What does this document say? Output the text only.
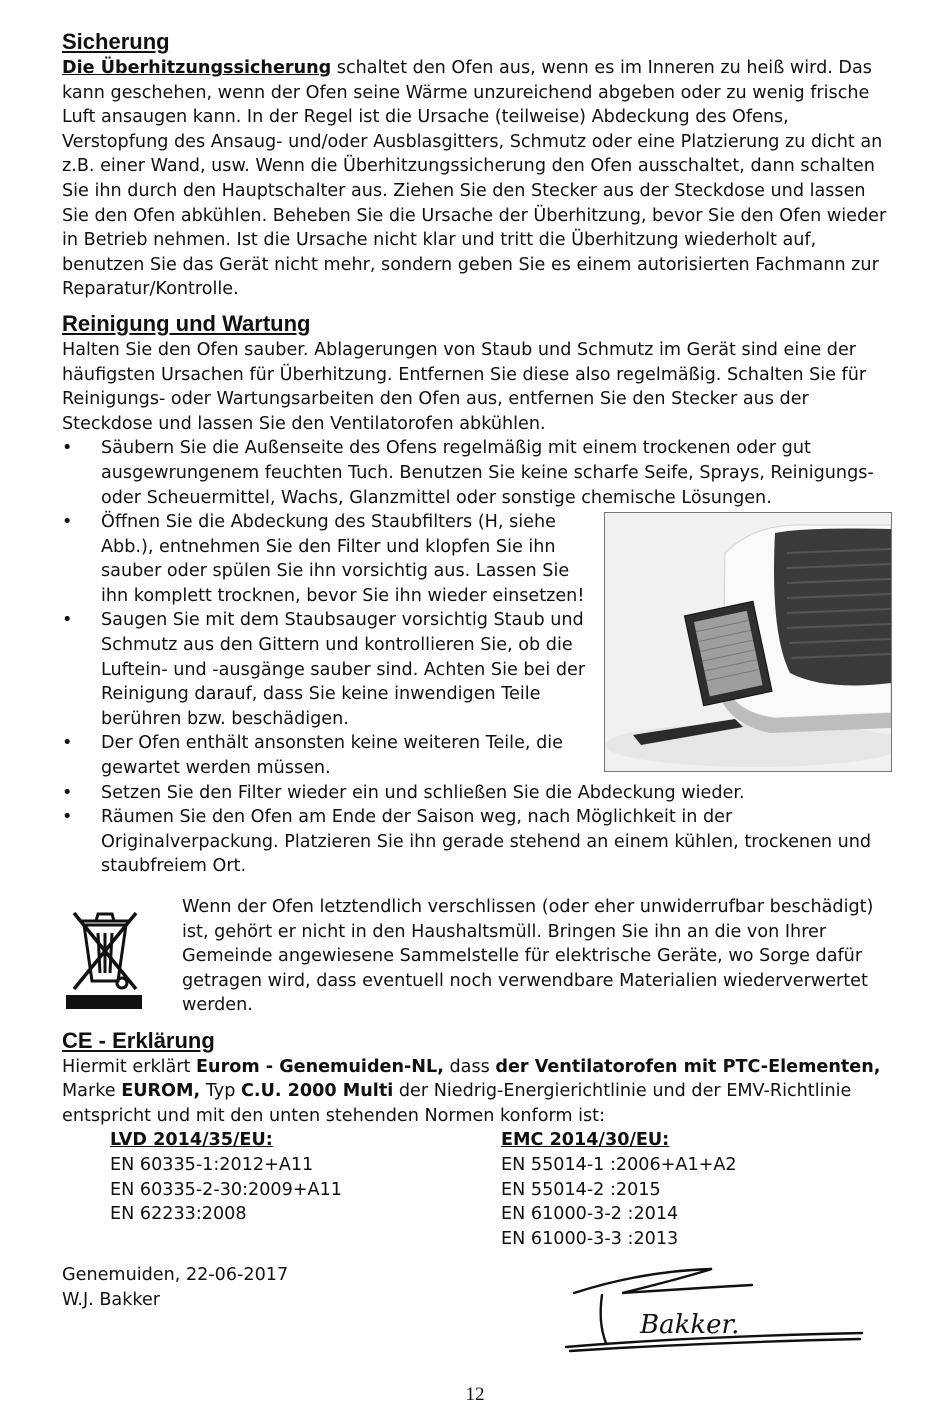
Sicherung

Die Überhitzungssicherung schaltet den Ofen aus, wenn es im Inneren zu heiß wird. Das kann geschehen, wenn der Ofen seine Wärme unzureichend abgeben oder zu wenig frische Luft ansaugen kann. In der Regel ist die Ursache (teilweise) Abdeckung des Ofens, Verstopfung des Ansaug- und/oder Ausblasgitters, Schmutz oder eine Platzierung zu dicht an z.B. einer Wand, usw. Wenn die Überhitzungssicherung den Ofen ausschaltet, dann schalten Sie ihn durch den Hauptschalter aus. Ziehen Sie den Stecker aus der Steckdose und lassen Sie den Ofen abkühlen. Beheben Sie die Ursache der Überhitzung, bevor Sie den Ofen wieder in Betrieb nehmen. Ist die Ursache nicht klar und tritt die Überhitzung wiederholt auf, benutzen Sie das Gerät nicht mehr, sondern geben Sie es einem autorisierten Fachmann zur Reparatur/Kontrolle.

Reinigung und Wartung

Halten Sie den Ofen sauber. Ablagerungen von Staub und Schmutz im Gerät sind eine der häufigsten Ursachen für Überhitzung. Entfernen Sie diese also regelmäßig. Schalten Sie für Reinigungs- oder Wartungsarbeiten den Ofen aus, entfernen Sie den Stecker aus der Steckdose und lassen Sie den Ventilatorofen abkühlen.

• Säubern Sie die Außenseite des Ofens regelmäßig mit einem trockenen oder gut ausgewrungenem feuchten Tuch. Benutzen Sie keine scharfe Seife, Sprays, Reinigungs- oder Scheuermittel, Wachs, Glanzmittel oder sonstige chemische Lösungen.
• Öffnen Sie die Abdeckung des Staubfilters (H, siehe Abb.), entnehmen Sie den Filter und klopfen Sie ihn sauber oder spülen Sie ihn vorsichtig aus. Lassen Sie ihn komplett trocknen, bevor Sie ihn wieder einsetzen!
• Saugen Sie mit dem Staubsauger vorsichtig Staub und Schmutz aus den Gittern und kontrollieren Sie, ob die Luftein- und -ausgänge sauber sind. Achten Sie bei der Reinigung darauf, dass Sie keine inwendigen Teile berühren bzw. beschädigen.
• Der Ofen enthält ansonsten keine weiteren Teile, die gewartet werden müssen.
• Setzen Sie den Filter wieder ein und schließen Sie die Abdeckung wieder.
• Räumen Sie den Ofen am Ende der Saison weg, nach Möglichkeit in der Originalverpackung. Platzieren Sie ihn gerade stehend an einem kühlen, trockenen und staubfreiem Ort.

Wenn der Ofen letztendlich verschlissen (oder eher unwiderrufbar beschädigt) ist, gehört er nicht in den Haushaltsmüll. Bringen Sie ihn an die von Ihrer Gemeinde angewiesene Sammelstelle für elektrische Geräte, wo Sorge dafür getragen wird, dass eventuell noch verwendbare Materialien wiederverwertet werden.

CE - Erklärung

Hiermit erklärt Eurom - Genemuiden-NL, dass der Ventilatorofen mit PTC-Elementen, Marke EUROM, Typ C.U. 2000 Multi der Niedrig-Energierichtlinie und der EMV-Richtlinie entspricht und mit den unten stehenden Normen konform ist:

LVD 2014/35/EU:
EN 60335-1:2012+A11
EN 60335-2-30:2009+A11
EN 62233:2008
EMC 2014/30/EU:
EN 55014-1 :2006+A1+A2
EN 55014-2 :2015
EN 61000-3-2 :2014
EN 61000-3-3 :2013
Genemuiden, 22-06-2017
W.J. Bakker
Bakker.
12
